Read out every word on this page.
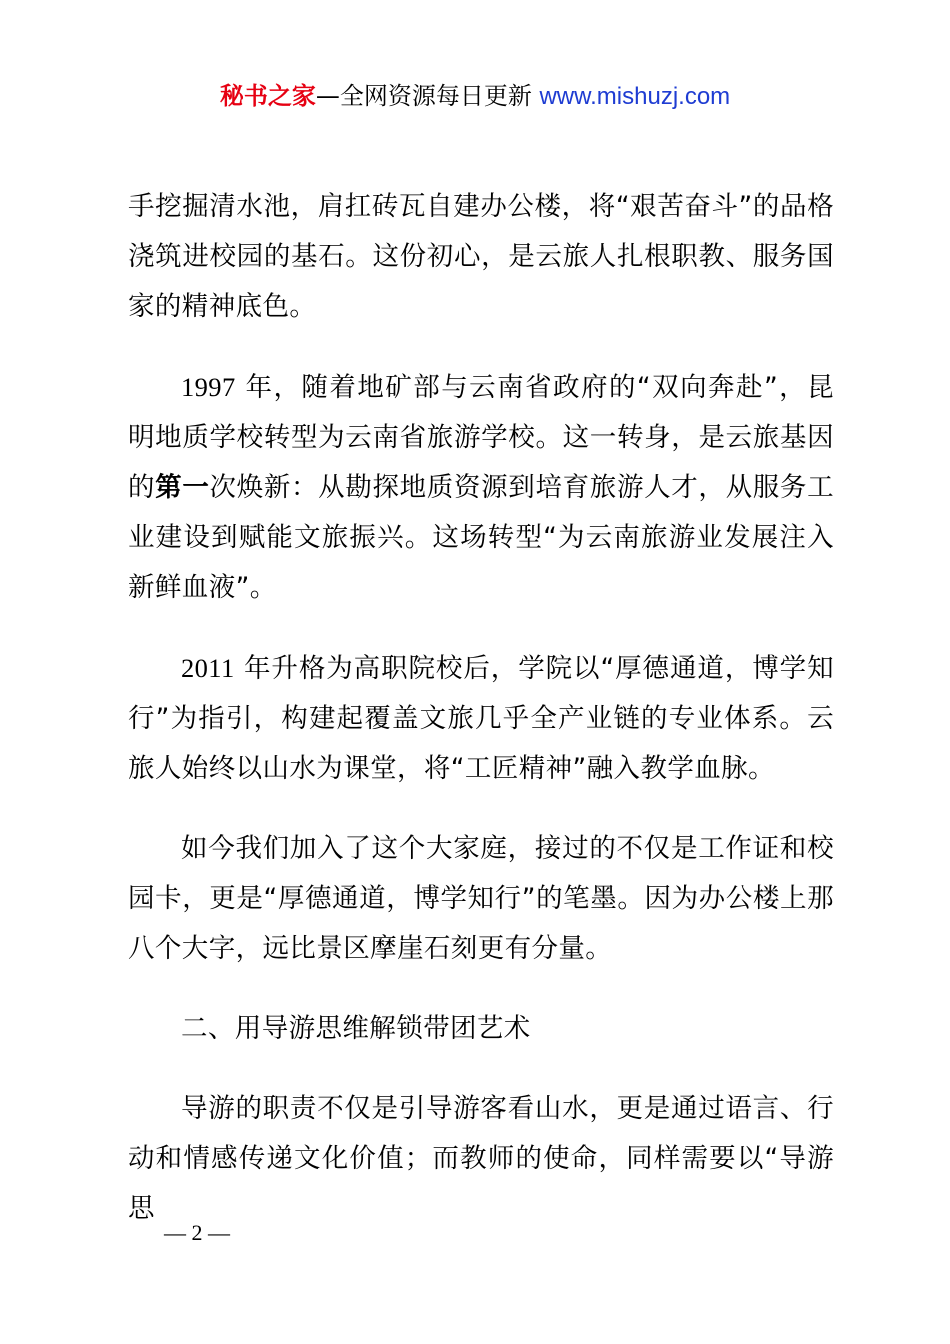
秘书之家—全网资源每日更新 www.mishuzj.com

手挖掘清水池，肩扛砖瓦自建办公楼，将“艰苦奋斗”的品格浇筑进校园的基石。这份初心，是云旅人扎根职教、服务国家的精神底色。

1997 年，随着地矿部与云南省政府的“双向奔赴”，昆明地质学校转型为云南省旅游学校。这一转身，是云旅基因的第一次焕新：从勘探地质资源到培育旅游人才，从服务工业建设到赋能文旅振兴。这场转型“为云南旅游业发展注入新鲜血液”。

2011 年升格为高职院校后，学院以“厚德通道，博学知行”为指引，构建起覆盖文旅几乎全产业链的专业体系。云旅人始终以山水为课堂，将“工匠精神”融入教学血脉。

如今我们加入了这个大家庭，接过的不仅是工作证和校园卡，更是“厚德通道，博学知行”的笔墨。因为办公楼上那八个大字，远比景区摩崖石刻更有分量。

二、用导游思维解锁带团艺术

导游的职责不仅是引导游客看山水，更是通过语言、行动和情感传递文化价值；而教师的使命，同样需要以“导游思

— 2 —
